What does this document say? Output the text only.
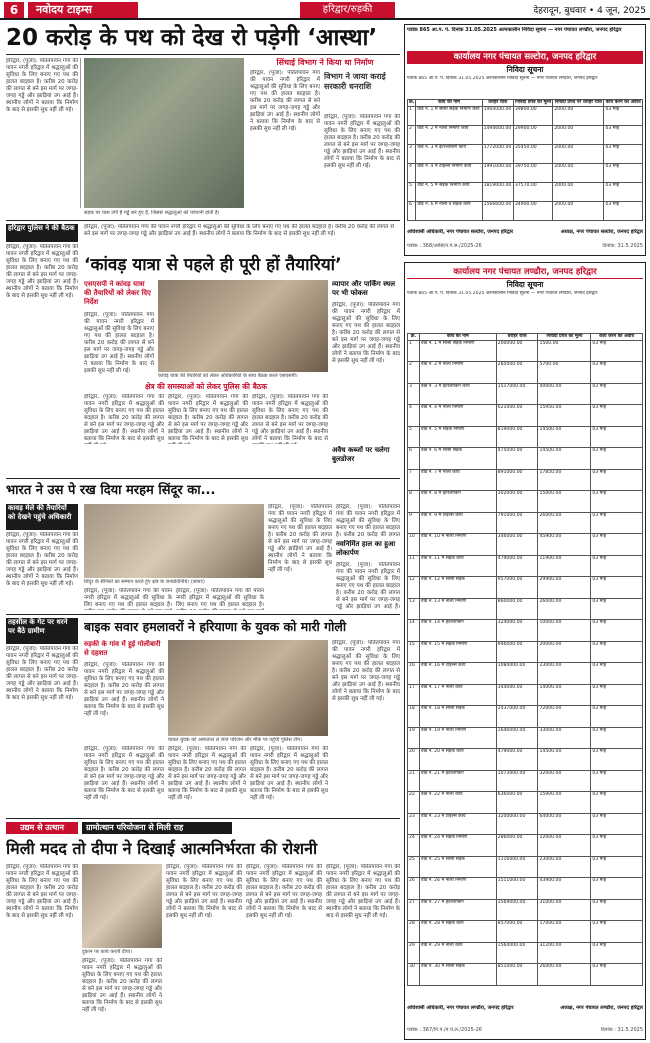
6	नवोदय टाइम्स	हरिद्वार/रुड़की	देहरादून, बुधवार • 4 जून, 2025
20 करोड़ के पथ को देख रो पड़ेगी ‘आस्था’
हरिद्वार, (पूजा): पतितपावन गंगा की पावन नगरी हरिद्वार में श्रद्धालुओं की सुविधा के लिए बनाए गए पथ की हालत बदहाल है। करीब 20 करोड़ की लागत से बने इस मार्ग पर जगह-जगह गड्ढे और झाड़ियां उग आई हैं। स्थानीय लोगों ने बताया कि निर्माण के बाद से इसकी सुध नहीं ली गई।
सड़क पर घास उगी है गड्ढे बने हुए हैं, जिससे श्रद्धालुओं को परेशानी होती है।
सिंचाई विभाग ने किया था निर्माण
हरिद्वार, (पूजा): पतितपावन गंगा की पावन नगरी हरिद्वार में श्रद्धालुओं की सुविधा के लिए बनाए गए पथ की हालत बदहाल है। करीब 20 करोड़ की लागत से बने इस मार्ग पर जगह-जगह गड्ढे और झाड़ियां उग आई हैं। स्थानीय लोगों ने बताया कि निर्माण के बाद से इसकी सुध नहीं ली गई।
विभाग ने जाया कराई सरकारी धनराशि
हरिद्वार, (पूजा): पतितपावन गंगा की पावन नगरी हरिद्वार में श्रद्धालुओं की सुविधा के लिए बनाए गए पथ की हालत बदहाल है। करीब 20 करोड़ की लागत से बने इस मार्ग पर जगह-जगह गड्ढे और झाड़ियां उग आई हैं। स्थानीय लोगों ने बताया कि निर्माण के बाद से इसकी सुध नहीं ली गई।
हरिद्वार पुलिस ने की बैठक
हरिद्वार, (पूजा): पतितपावन गंगा की पावन नगरी हरिद्वार में श्रद्धालुओं की सुविधा के लिए बनाए गए पथ की हालत बदहाल है। करीब 20 करोड़ की लागत से बने इस मार्ग पर जगह-जगह गड्ढे और झाड़ियां उग आई हैं। स्थानीय लोगों ने बताया कि निर्माण के बाद से इसकी सुध नहीं ली गई।
हरिद्वार, (पूजा): पतितपावन गंगा की पावन नगरी हरिद्वार में श्रद्धालुओं की सुविधा के लिए बनाए गए पथ की हालत बदहाल है। करीब 20 करोड़ की लागत से बने इस मार्ग पर जगह-जगह गड्ढे और झाड़ियां उग आई हैं। स्थानीय लोगों ने बताया कि निर्माण के बाद से इसकी सुध नहीं ली गई।
‘कांवड़ यात्रा से पहले ही पूरी हों तैयारियां’
एसएसपी ने कांवड़ यात्रा की तैयारियों को लेकर दिए निर्देश
हरिद्वार, (पूजा): पतितपावन गंगा की पावन नगरी हरिद्वार में श्रद्धालुओं की सुविधा के लिए बनाए गए पथ की हालत बदहाल है। करीब 20 करोड़ की लागत से बने इस मार्ग पर जगह-जगह गड्ढे और झाड़ियां उग आई हैं। स्थानीय लोगों ने बताया कि निर्माण के बाद से इसकी सुध नहीं ली गई।
कांवड़ यात्रा की तैयारियों को लेकर अधिकारियों के साथ बैठक करते एसएसपी।
व्यापार और पार्किंग स्थल पर भी फोकस
हरिद्वार, (पूजा): पतितपावन गंगा की पावन नगरी हरिद्वार में श्रद्धालुओं की सुविधा के लिए बनाए गए पथ की हालत बदहाल है। करीब 20 करोड़ की लागत से बने इस मार्ग पर जगह-जगह गड्ढे और झाड़ियां उग आई हैं। स्थानीय लोगों ने बताया कि निर्माण के बाद से इसकी सुध नहीं ली गई।
क्षेत्र की समस्याओं को लेकर पुलिस की बैठक
हरिद्वार, (पूजा): पतितपावन गंगा की पावन नगरी हरिद्वार में श्रद्धालुओं की सुविधा के लिए बनाए गए पथ की हालत बदहाल है। करीब 20 करोड़ की लागत से बने इस मार्ग पर जगह-जगह गड्ढे और झाड़ियां उग आई हैं। स्थानीय लोगों ने बताया कि निर्माण के बाद से इसकी सुध
हरिद्वार, (पूजा): पतितपावन गंगा की पावन नगरी हरिद्वार में श्रद्धालुओं की सुविधा के लिए बनाए गए पथ की हालत बदहाल है। करीब 20 करोड़ की लागत से बने इस मार्ग पर जगह-जगह गड्ढे और झाड़ियां उग आई हैं। स्थानीय लोगों ने बताया कि निर्माण के बाद से इसकी सुध
हरिद्वार, (पूजा): पतितपावन गंगा की पावन नगरी हरिद्वार में श्रद्धालुओं की सुविधा के लिए बनाए गए पथ की हालत बदहाल है। करीब 20 करोड़ की लागत से बने इस मार्ग पर जगह-जगह गड्ढे और झाड़ियां उग आई हैं। स्थानीय लोगों ने बताया कि निर्माण के बाद से
अवैध कब्जों पर चलेगा बुलडोजर
भारत ने उस पे रख दिया मरहम सिंदूर का...
कावड़ मेले की तैयारियों को देखने पहुंचे अधिकारी
हरिद्वार, (पूजा): पतितपावन गंगा की पावन नगरी हरिद्वार में श्रद्धालुओं की सुविधा के लिए बनाए गए पथ की हालत बदहाल है। करीब 20 करोड़ की लागत से बने इस मार्ग पर जगह-जगह गड्ढे और झाड़ियां उग आई हैं। स्थानीय लोगों ने बताया कि निर्माण के बाद से इसकी सुध नहीं ली गई।	सिंदूर के सैनिकों का सम्मान करते हुए क्षेत्र के जनप्रतिनिधि। (छायाः)
हरिद्वार, (पूजा): पतितपावन गंगा की पावन नगरी हरिद्वार में श्रद्धालुओं की सुविधा के लिए बनाए गए पथ की हालत बदहाल है। करीब 20 करोड़ की लागत से बने इस मार्ग पर जगह-जगह गड्ढे और झाड़ियां उग आई हैं। स्थानीय लोगों ने बताया कि निर्माण के बाद से इसकी सुध नहीं ली गई।
नवनिर्मित हाल का हुआ लोकार्पण
हरिद्वार, (पूजा): पतितपावन गंगा की पावन नगरी हरिद्वार में श्रद्धालुओं की सुविधा के लिए बनाए गए पथ की हालत बदहाल है। करीब 20 करोड़ की लागत
हरिद्वार, (पूजा): पतितपावन गंगा की पावन नगरी हरिद्वार में श्रद्धालुओं की सुविधा के लिए बनाए गए पथ की हालत बदहाल है। करीब 20 करोड़ की लागत से बने इस मार्ग पर जगह-जगह गड्ढे और झाड़ियां उग आई हैं।
हरिद्वार, (पूजा): पतितपावन गंगा की पावन नगरी हरिद्वार में श्रद्धालुओं की सुविधा के लिए बनाए गए पथ की हालत बदहाल है।
हरिद्वार, (पूजा): पतितपावन गंगा की पावन नगरी हरिद्वार में श्रद्धालुओं की सुविधा के लिए बनाए गए पथ की हालत बदहाल है।
तहसील के गेट पर धरने पर बैठे ग्रामीण
हरिद्वार, (पूजा): पतितपावन गंगा की पावन नगरी हरिद्वार में श्रद्धालुओं की सुविधा के लिए बनाए गए पथ की हालत बदहाल है। करीब 20 करोड़ की लागत से बने इस मार्ग पर जगह-जगह गड्ढे और झाड़ियां उग आई हैं। स्थानीय लोगों ने बताया कि निर्माण के बाद से इसकी सुध नहीं ली गई।
बाइक सवार हमलावरों ने हरियाणा के युवक को मारी गोली
रुड़की के गांव में हुई गोलीबारी से दहशत
हरिद्वार, (पूजा): पतितपावन गंगा की पावन नगरी हरिद्वार में श्रद्धालुओं की सुविधा के लिए बनाए गए पथ की हालत बदहाल है। करीब 20 करोड़ की लागत से बने इस मार्ग पर जगह-जगह गड्ढे और झाड़ियां उग आई हैं। स्थानीय लोगों ने बताया कि निर्माण के बाद से इसकी सुध नहीं ली गई।
घायल युवक को अस्पताल ले जाते परिजन और मौके पर पहुंची पुलिस टीम।
हरिद्वार, (पूजा): पतितपावन गंगा की पावन नगरी हरिद्वार में श्रद्धालुओं की सुविधा के लिए बनाए गए पथ की हालत बदहाल है। करीब 20 करोड़ की लागत से बने इस मार्ग पर जगह-जगह गड्ढे और झाड़ियां उग आई हैं। स्थानीय लोगों ने बताया कि निर्माण के बाद से इसकी सुध नहीं ली गई।
हरिद्वार, (पूजा): पतितपावन गंगा की पावन नगरी हरिद्वार में श्रद्धालुओं की सुविधा के लिए बनाए गए पथ की हालत बदहाल है। करीब 20 करोड़ की लागत से बने इस मार्ग पर जगह-जगह गड्ढे और झाड़ियां उग आई हैं। स्थानीय लोगों ने बताया कि निर्माण के बाद से इसकी सुध नहीं ली गई।
हरिद्वार, (पूजा): पतितपावन गंगा की पावन नगरी हरिद्वार में श्रद्धालुओं की सुविधा के लिए बनाए गए पथ की हालत बदहाल है। करीब 20 करोड़ की लागत से बने इस मार्ग पर जगह-जगह गड्ढे और झाड़ियां उग आई हैं। स्थानीय लोगों ने बताया कि निर्माण के बाद से इसकी सुध नहीं ली गई।
हरिद्वार, (पूजा): पतितपावन गंगा की पावन नगरी हरिद्वार में श्रद्धालुओं की सुविधा के लिए बनाए गए पथ की हालत बदहाल है। करीब 20 करोड़ की लागत से बने इस मार्ग पर जगह-जगह गड्ढे और झाड़ियां उग आई हैं। स्थानीय लोगों ने बताया कि निर्माण के बाद से इसकी सुध नहीं ली गई।
उद्यम से उत्थान	ग्रामोत्थान परियोजना से मिली राह
मिली मदद तो दीपा ने दिखाई आत्मनिर्भरता की रोशनी
हरिद्वार, (पूजा): पतितपावन गंगा की पावन नगरी हरिद्वार में श्रद्धालुओं की सुविधा के लिए बनाए गए पथ की हालत बदहाल है। करीब 20 करोड़ की लागत से बने इस मार्ग पर जगह-जगह गड्ढे और झाड़ियां उग आई हैं। स्थानीय लोगों ने बताया कि निर्माण के बाद से इसकी सुध नहीं ली गई।
दुकान पर कार्य करती दीपा।
हरिद्वार, (पूजा): पतितपावन गंगा की पावन नगरी हरिद्वार में श्रद्धालुओं की सुविधा के लिए बनाए गए पथ की हालत बदहाल है। करीब 20 करोड़ की लागत से बने इस मार्ग पर जगह-जगह गड्ढे और झाड़ियां उग आई हैं। स्थानीय लोगों ने बताया कि निर्माण के बाद से इसकी सुध नहीं ली गई।
हरिद्वार, (पूजा): पतितपावन गंगा की पावन नगरी हरिद्वार में श्रद्धालुओं की सुविधा के लिए बनाए गए पथ की हालत बदहाल है। करीब 20 करोड़ की लागत से बने इस मार्ग पर जगह-जगह गड्ढे और झाड़ियां उग आई हैं। स्थानीय लोगों ने बताया कि निर्माण के बाद से इसकी सुध नहीं ली गई।
हरिद्वार, (पूजा): पतितपावन गंगा की पावन नगरी हरिद्वार में श्रद्धालुओं की सुविधा के लिए बनाए गए पथ की हालत बदहाल है। करीब 20 करोड़ की लागत से बने इस मार्ग पर जगह-जगह गड्ढे और झाड़ियां उग आई हैं। स्थानीय लोगों ने बताया कि निर्माण के बाद से इसकी सुध नहीं ली गई।
हरिद्वार, (पूजा): पतितपावन गंगा की पावन नगरी हरिद्वार में श्रद्धालुओं की सुविधा के लिए बनाए गए पथ की हालत बदहाल है। करीब 20 करोड़ की लागत से बने इस मार्ग पर जगह-जगह गड्ढे और झाड़ियां उग आई हैं। स्थानीय लोगों ने बताया कि निर्माण के बाद से इसकी सुध नहीं ली गई।
पत्रांक 865 आ.प. पं. दिनांक 31.05.2025 अल्पकालीन निविदा सूचना — नगर पंचायत लण्ढौरा, जनपद हरिद्वार
कार्यालय नगर पंचायत सल्टोरा, जनपद हरिद्वार
निविदा सूचना
पत्रांक 865 आ.प. पं. दिनांक 31.05.2025 अल्पकालीन निविदा सूचना — नगर पंचायत लण्ढौरा, जनपद हरिद्वार
क्र.	कार्य का नाम	धरोहर राशि	निविदा प्रपत्र का मूल्य	निविदा प्रपत्र पर धरोहर राशि	कार्य करने की अवधि
1	वार्ड नं. 1 में सीसी सड़क निर्माण कार्य	1960000.00	39800.00	2000.00	03 माह
2	वार्ड नं. 2 में नाली निर्माण कार्य	1494600.00	29900.00	2000.00	03 माह
3	वार्ड नं. 3 में इंटरलॉकिंग कार्य	1772000.00	35450.00	2000.00	03 माह
4	वार्ड नं. 4 में टाइल्स निर्माण कार्य	1991000.00	39750.00	2000.00	03 माह
5	वार्ड नं. 5 में सड़क निर्माण कार्य	1819000.00	37570.00	2000.00	03 माह
6	वार्ड नं. 6 में नाली व सड़क कार्य	1566600.00	34900.00	2000.00	03 माह
अधिशासी अधिकारी, नगर पंचायत सल्टोरा, जनपद हरिद्वार	अध्यक्ष, नगर पंचायत सल्टोरा, जनपद हरिद्वार
पत्रांक : 368/आसि/न.पं.स./2025-26	दिनांक: 31.5.2025
कार्यालय नगर पंचायत लण्ढौरा, जनपद हरिद्वार
निविदा सूचना
पत्रांक 865 आ.प. पं. दिनांक 31.05.2025 अल्पकालीन निविदा सूचना — नगर पंचायत लण्ढौरा, जनपद हरिद्वार
क्र.	कार्य का नाम	धरोहर राशि	निविदा प्रपत्र का मूल्य	कार्य करने की अवधि
1	वार्ड नं. 1 में सीसी सड़क निर्माण	200000.00	1500.00	03 माह
2	वार्ड नं. 2 में नाली निर्माण	285000.00	5700.00	03 माह
3	वार्ड नं. 3 में इंटरलॉकिंग कार्य	1517000.00	40000.00	03 माह
4	वार्ड नं. 4 में नाली निर्माण	621000.00	15950.00	03 माह
5	वार्ड नं. 5 में सड़क निर्माण	819000.00	14500.00	03 माह
6	वार्ड नं. 6 में सीसी सड़क	475000.00	14500.00	03 माह
7	वार्ड नं. 7 में नाली कार्य	891000.00	17850.00	03 माह
8	वार्ड नं. 8 में इंटरलॉकिंग	302000.00	15000.00	03 माह
9	वार्ड नं. 9 में टाइल्स कार्य	791000.00	26000.00	03 माह
10	वार्ड नं. 10 में नाली निर्माण	346000.00	45900.00	03 माह
11	वार्ड नं. 11 में सड़क कार्य	479000.00	11900.00	03 माह
12	वार्ड नं. 12 में सीसी सड़क	957000.00	29900.00	03 माह
13	वार्ड नं. 13 में नाली निर्माण	860000.00	26000.00	03 माह
14	वार्ड नं. 14 में इंटरलॉकिंग	324000.00	10000.00	03 माह
15	वार्ड नं. 15 में सड़क निर्माण	946000.00	20000.00	03 माह
16	वार्ड नं. 16 में टाइल्स कार्य	1084000.00	23000.00	03 माह
17	वार्ड नं. 17 में नाली कार्य	344000.00	14000.00	03 माह
18	वार्ड नं. 18 में सीसी सड़क	2437000.00	72000.00	03 माह
19	वार्ड नं. 19 में नाली निर्माण	1646000.00	33000.00	03 माह
20	वार्ड नं. 20 में सड़क कार्य	479000.00	14500.00	03 माह
21	वार्ड नं. 21 में इंटरलॉकिंग	1073000.00	32000.00	03 माह
22	वार्ड नं. 22 में नाली कार्य	636000.00	15900.00	03 माह
23	वार्ड नं. 23 में टाइल्स कार्य	3200000.00	64000.00	03 माह
24	वार्ड नं. 24 में सड़क निर्माण	286000.00	12000.00	03 माह
25	वार्ड नं. 25 में सीसी सड़क	1116000.00	23000.00	03 माह
26	वार्ड नं. 26 में नाली निर्माण	1511000.00	43900.00	03 माह
27	वार्ड नं. 27 में इंटरलॉकिंग	1569000.00	31000.00	03 माह
28	वार्ड नं. 28 में सड़क कार्य	857000.00	17000.00	03 माह
29	वार्ड नं. 29 में नाली कार्य	1564000.00	31200.00	03 माह
30	वार्ड नं. 30 में सीसी सड़क	851000.00	26000.00	03 माह
अधिशासी अधिकारी, नगर पंचायत लण्ढौरा, जनपद हरिद्वार	अध्यक्ष, नगर पंचायत लण्ढौरा, जनपद हरिद्वार
पत्रांक : 367/नि.पं./न.पं.ल./2025-26	दिनांक : 31.5.2025
